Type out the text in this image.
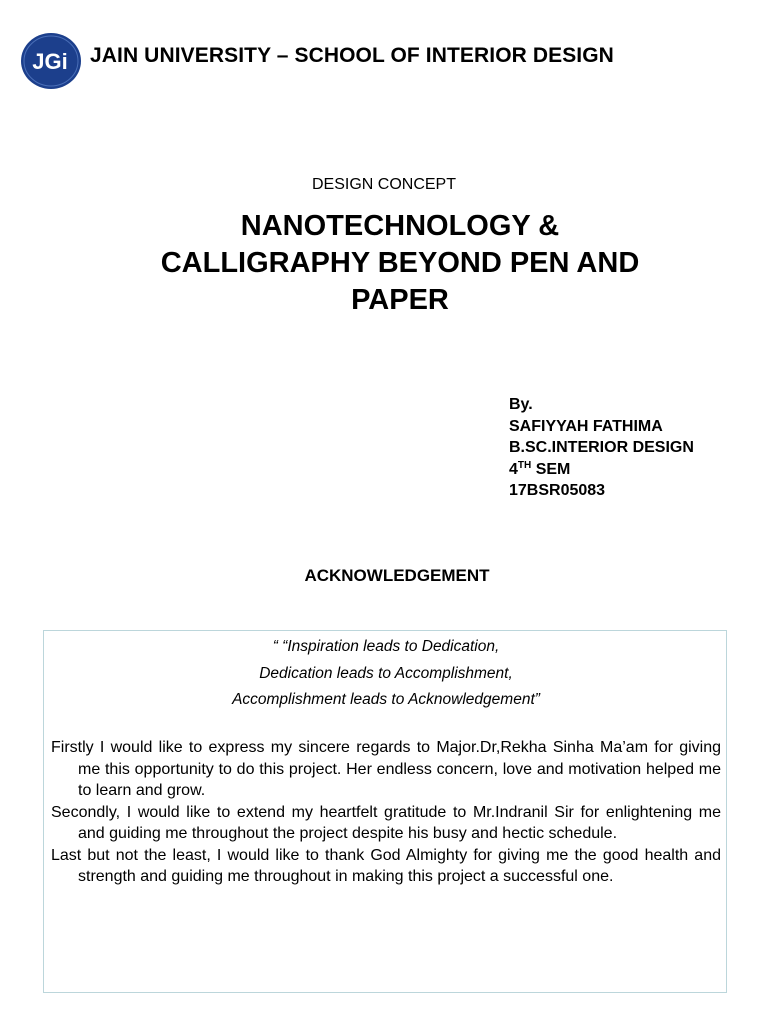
JGi JAIN UNIVERSITY – SCHOOL OF INTERIOR DESIGN
DESIGN CONCEPT
NANOTECHNOLOGY &
CALLIGRAPHY BEYOND PEN AND
PAPER
By.
SAFIYYAH FATHIMA
B.SC.INTERIOR DESIGN
4TH SEM
17BSR05083
ACKNOWLEDGEMENT
“ “Inspiration leads to Dedication,
Dedication leads to Accomplishment,
Accomplishment leads to Acknowledgement”

Firstly I would like to express my sincere regards to Major.Dr,Rekha Sinha Ma’am for giving me this opportunity to do this project. Her endless concern, love and motivation helped me to learn and grow.

Secondly, I would like to extend my heartfelt gratitude to Mr.Indranil Sir for enlightening me and guiding me throughout the project despite his busy and hectic schedule.

Last but not the least, I would like to thank God Almighty for giving me the good health and strength and guiding me throughout in making this project a successful one.
